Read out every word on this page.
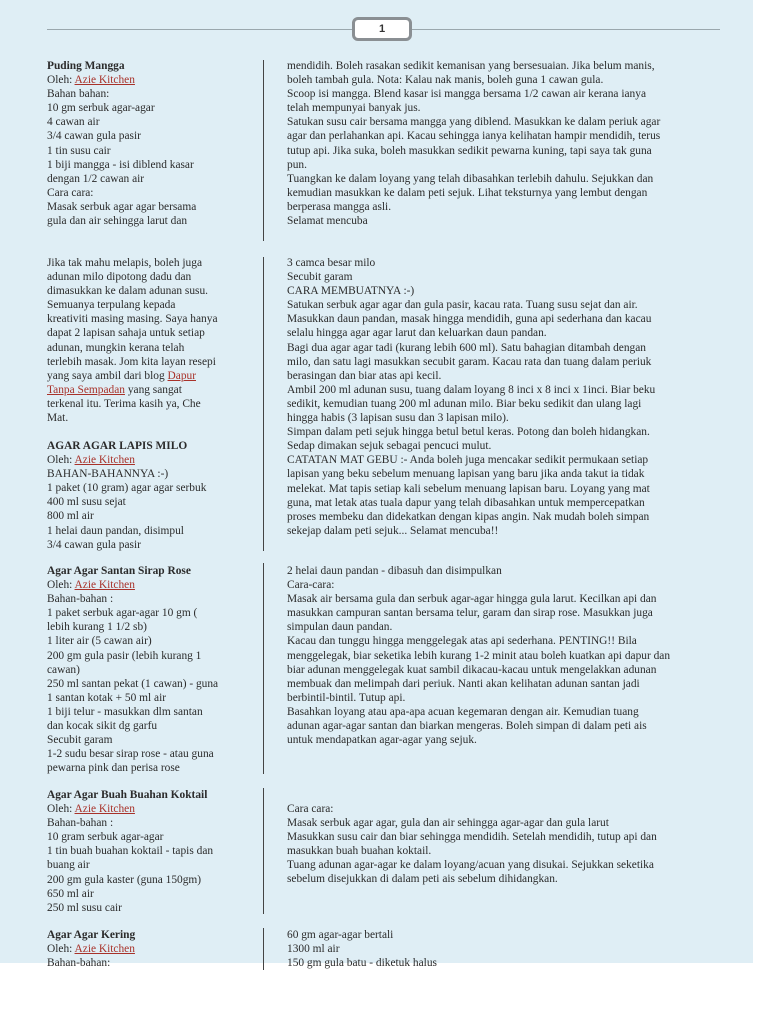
1
Puding Mangga
Oleh: Azie Kitchen
Bahan bahan:
10 gm serbuk agar-agar
4 cawan air
3/4 cawan gula pasir
1 tin susu cair
1 biji mangga - isi diblend kasar
dengan 1/2 cawan air
Cara cara:
Masak serbuk agar agar bersama
gula dan air sehingga larut dan
Jika tak mahu melapis, boleh juga
adunan milo dipotong dadu dan
dimasukkan ke dalam adunan susu.
Semuanya terpulang kepada
kreativiti masing masing. Saya hanya
dapat 2 lapisan sahaja untuk setiap
adunan, mungkin kerana telah
terlebih masak. Jom kita layan resepi
yang saya ambil dari blog Dapur
Tanpa Sempadan yang sangat
terkenal itu. Terima kasih ya, Che
Mat.
AGAR AGAR LAPIS MILO
Oleh: Azie Kitchen
BAHAN-BAHANNYA :-)
1 paket (10 gram) agar agar serbuk
400 ml susu sejat
800 ml air
1 helai daun pandan, disimpul
3/4 cawan gula pasir
Agar Agar Santan Sirap Rose
Oleh: Azie Kitchen
Bahan-bahan :
1 paket serbuk agar-agar 10 gm (
lebih kurang 1 1/2 sb)
1 liter air (5 cawan air)
200 gm gula pasir (lebih kurang 1
cawan)
250 ml santan pekat (1 cawan) - guna
1 santan kotak + 50 ml air
1 biji telur - masukkan dlm santan
dan kocak sikit dg garfu
Secubit garam
1-2 sudu besar sirap rose - atau guna
pewarna pink dan perisa rose
Agar Agar Buah Buahan Koktail
Oleh: Azie Kitchen
Bahan-bahan :
10 gram serbuk agar-agar
1 tin buah buahan koktail - tapis dan
buang air
200 gm gula kaster (guna 150gm)
650 ml air
250 ml susu cair
Agar Agar Kering
Oleh: Azie Kitchen
Bahan-bahan:
mendidih. Boleh rasakan sedikit kemanisan yang bersesuaian. Jika belum manis,
boleh tambah gula. Nota: Kalau nak manis, boleh guna 1 cawan gula.
Scoop isi mangga. Blend kasar isi mangga bersama 1/2 cawan air kerana ianya
telah mempunyai banyak jus.
Satukan susu cair bersama mangga yang diblend. Masukkan ke dalam periuk agar
agar dan perlahankan api. Kacau sehingga ianya kelihatan hampir mendidih, terus
tutup api. Jika suka, boleh masukkan sedikit pewarna kuning, tapi saya tak guna
pun.
Tuangkan ke dalam loyang yang telah dibasahkan terlebih dahulu. Sejukkan dan
kemudian masukkan ke dalam peti sejuk. Lihat teksturnya yang lembut dengan
berperasa mangga asli.
Selamat mencuba
3 camca besar milo
Secubit garam
CARA MEMBUATNYA :-)
Satukan serbuk agar agar dan gula pasir, kacau rata. Tuang susu sejat dan air.
Masukkan daun pandan, masak hingga mendidih, guna api sederhana dan kacau
selalu hingga agar agar larut dan keluarkan daun pandan.
Bagi dua agar agar tadi (kurang lebih 600 ml). Satu bahagian ditambah dengan
milo, dan satu lagi masukkan secubit garam. Kacau rata dan tuang dalam periuk
berasingan dan biar atas api kecil.
Ambil 200 ml adunan susu, tuang dalam loyang 8 inci x 8 inci x 1inci. Biar beku
sedikit, kemudian tuang 200 ml adunan milo. Biar beku sedikit dan ulang lagi
hingga habis (3 lapisan susu dan 3 lapisan milo).
Simpan dalam peti sejuk hingga betul betul keras. Potong dan boleh hidangkan.
Sedap dimakan sejuk sebagai pencuci mulut.
CATATAN MAT GEBU :- Anda boleh juga mencakar sedikit permukaan setiap
lapisan yang beku sebelum menuang lapisan yang baru jika anda takut ia tidak
melekat. Mat tapis setiap kali sebelum menuang lapisan baru. Loyang yang mat
guna, mat letak atas tuala dapur yang telah dibasahkan untuk mempercepatkan
proses membeku dan didekatkan dengan kipas angin. Nak mudah boleh simpan
sekejap dalam peti sejuk... Selamat mencuba!!
2 helai daun pandan - dibasuh dan disimpulkan
Cara-cara:
Masak air bersama gula dan serbuk agar-agar hingga gula larut. Kecilkan api dan
masukkan campuran santan bersama telur, garam dan sirap rose. Masukkan juga
simpulan daun pandan.
Kacau dan tunggu hingga menggelegak atas api sederhana. PENTING!! Bila
menggelegak, biar seketika lebih kurang 1-2 minit atau boleh kuatkan api dapur dan
biar adunan menggelegak kuat sambil dikacau-kacau untuk mengelakkan adunan
membuak dan melimpah dari periuk. Nanti akan kelihatan adunan santan jadi
berbintil-bintil. Tutup api.
Basahkan loyang atau apa-apa acuan kegemaran dengan air. Kemudian tuang
adunan agar-agar santan dan biarkan mengeras. Boleh simpan di dalam peti ais
untuk mendapatkan agar-agar yang sejuk.
Cara cara:
Masak serbuk agar agar, gula dan air sehingga agar-agar dan gula larut
Masukkan susu cair dan biar sehingga mendidih. Setelah mendidih, tutup api dan
masukkan buah buahan koktail.
Tuang adunan agar-agar ke dalam loyang/acuan yang disukai. Sejukkan seketika
sebelum disejukkan di dalam peti ais sebelum dihidangkan.
60 gm agar-agar bertali
1300 ml air
150 gm gula batu - diketuk halus
